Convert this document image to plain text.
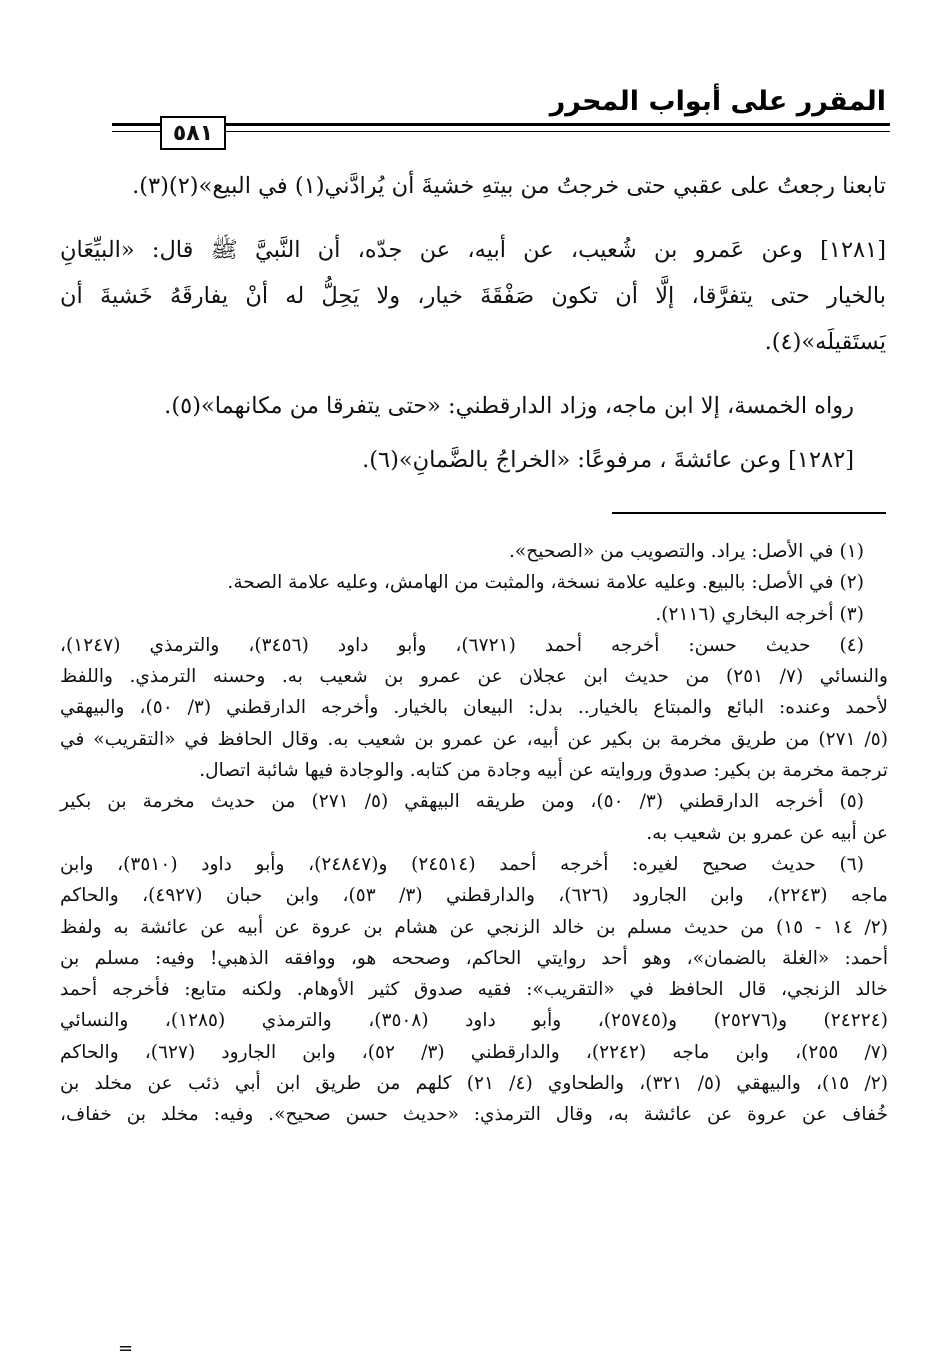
المقرر على أبواب المحرر
٥٨١
تابعنا رجعتُ على عقبي حتى خرجتُ من بيتهِ خشيةَ أن يُرادَّني(١) في البيع»(٢)(٣).
[١٢٨١] وعن عَمرو بن شُعيب، عن أبيه، عن جدّه، أن النَّبيَّ ﷺ قال: «البيِّعَانِ
بالخيار حتى يتفرَّقا، إلَّا أن تكون صَفْقَةَ خيار، ولا يَحِلُّ له أنْ يفارقَهُ خَشيةَ أن
يَستَقيلَه»(٤).
رواه الخمسة، إلا ابن ماجه، وزاد الدارقطني: «حتى يتفرقا من مكانهما»(٥).
[١٢٨٢] وعن عائشةَ ، مرفوعًا: «الخراجُ بالضَّمانِ»(٦).
(١) في الأصل: يراد. والتصويب من «الصحيح».
(٢) في الأصل: بالبيع. وعليه علامة نسخة، والمثبت من الهامش، وعليه علامة الصحة.
(٣) أخرجه البخاري (٢١١٦).
(٤) حديث حسن: أخرجه أحمد (٦٧٢١)، وأبو داود (٣٤٥٦)، والترمذي (١٢٤٧)،
والنسائي (٧/ ٢٥١) من حديث ابن عجلان عن عمرو بن شعيب به. وحسنه الترمذي. واللفظ
لأحمد وعنده: البائع والمبتاع بالخيار.. بدل: البيعان بالخيار. وأخرجه الدارقطني (٣/ ٥٠)، والبيهقي
(٥/ ٢٧١) من طريق مخرمة بن بكير عن أبيه، عن عمرو بن شعيب به. وقال الحافظ في «التقريب» في
ترجمة مخرمة بن بكير: صدوق وروايته عن أبيه وجادة من كتابه. والوجادة فيها شائبة اتصال.
(٥) أخرجه الدارقطني (٣/ ٥٠)، ومن طريقه البيهقي (٥/ ٢٧١) من حديث مخرمة بن بكير
عن أبيه عن عمرو بن شعيب به.
(٦) حديث صحيح لغيره: أخرجه أحمد (٢٤٥١٤) و(٢٤٨٤٧)، وأبو داود (٣٥١٠)، وابن
ماجه (٢٢٤٣)، وابن الجارود (٦٢٦)، والدارقطني (٣/ ٥٣)، وابن حبان (٤٩٢٧)، والحاكم
(٢/ ١٤ - ١٥) من حديث مسلم بن خالد الزنجي عن هشام بن عروة عن أبيه عن عائشة به ولفظ
أحمد: «الغلة بالضمان»، وهو أحد روايتي الحاكم، وصححه هو، ووافقه الذهبي! وفيه: مسلم بن
خالد الزنجي، قال الحافظ في «التقريب»: فقيه صدوق كثير الأوهام. ولكنه متابع: فأخرجه أحمد
(٢٤٢٢٤) و(٢٥٢٧٦) و(٢٥٧٤٥)، وأبو داود (٣٥٠٨)، والترمذي (١٢٨٥)، والنسائي
(٧/ ٢٥٥)، وابن ماجه (٢٢٤٢)، والدارقطني (٣/ ٥٢)، وابن الجارود (٦٢٧)، والحاكم
(٢/ ١٥)، والبيهقي (٥/ ٣٢١)، والطحاوي (٤/ ٢١) كلهم من طريق ابن أبي ذئب عن مخلد بن
خُفاف عن عروة عن عائشة به، وقال الترمذي: «حديث حسن صحيح». وفيه: مخلد بن خفاف،
=
